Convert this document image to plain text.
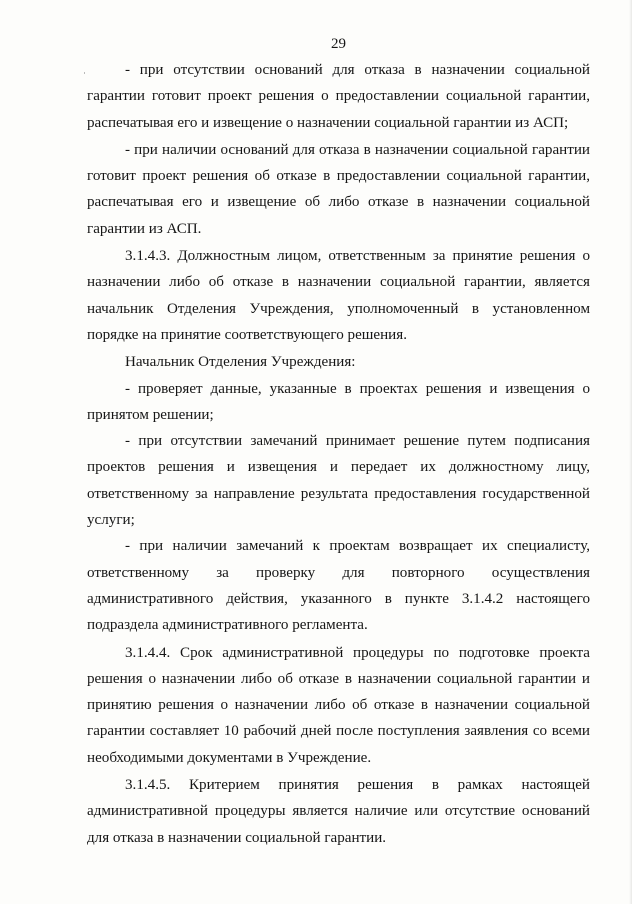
29

- при отсутствии оснований для отказа в назначении социальной гарантии готовит проект решения о предоставлении социальной гарантии, распечатывая его и извещение о назначении социальной гарантии из АСП;

- при наличии оснований для отказа в назначении социальной гарантии готовит проект решения об отказе в предоставлении социальной гарантии, распечатывая его и извещение об либо отказе в назначении социальной гарантии из АСП.

3.1.4.3. Должностным лицом, ответственным за принятие решения о назначении либо об отказе в назначении социальной гарантии, является начальник Отделения Учреждения, уполномоченный в установленном порядке на принятие соответствующего решения.

Начальник Отделения Учреждения:

- проверяет данные, указанные в проектах решения и извещения о принятом решении;

- при отсутствии замечаний принимает решение путем подписания проектов решения и извещения и передает их должностному лицу, ответственному за направление результата предоставления государственной услуги;

- при наличии замечаний к проектам возвращает их специалисту, ответственному за проверку для повторного осуществления административного действия, указанного в пункте 3.1.4.2 настоящего подраздела административного регламента.

3.1.4.4. Срок административной процедуры по подготовке проекта решения о назначении либо об отказе в назначении социальной гарантии и принятию решения о назначении либо об отказе в назначении социальной гарантии составляет 10 рабочий дней после поступления заявления со всеми необходимыми документами в Учреждение.

3.1.4.5. Критерием принятия решения в рамках настоящей административной процедуры является наличие или отсутствие оснований для отказа в назначении социальной гарантии.
